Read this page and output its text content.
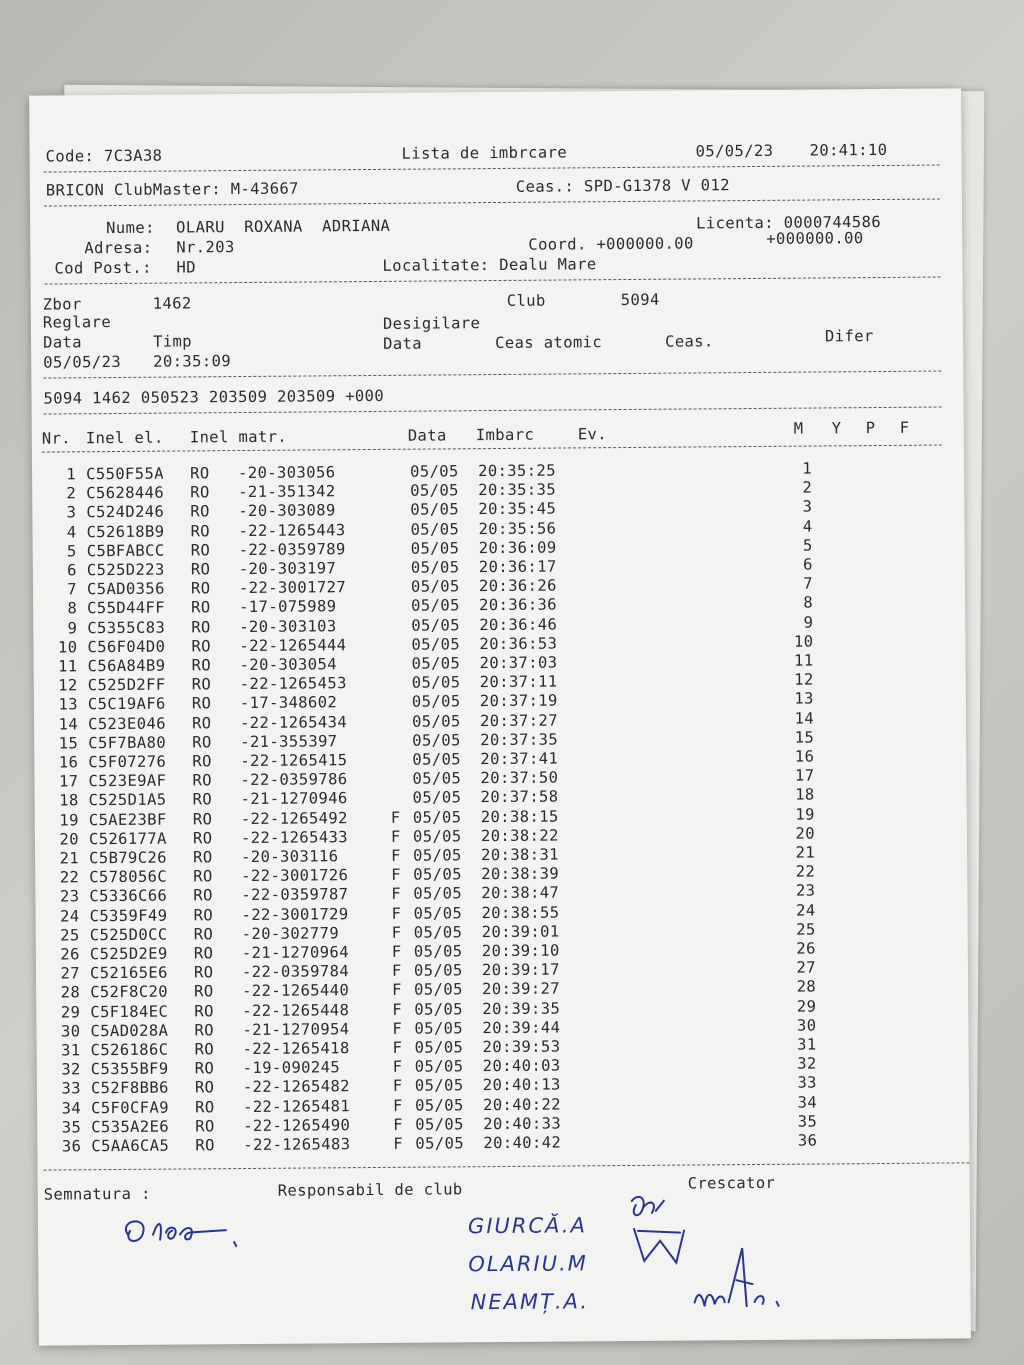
Code: 7C3A38	Lista de imbrcare	05/05/23 20:41:10
BRICON ClubMaster: M-43667	Ceas.: SPD-G1378 V 012
Nume: OLARU  ROXANA  ADRIANA	Licenta: 0000744586
Adresa: Nr.203	Coord. +000000.00	+000000.00
Cod Post.: HD	Localitate: Dealu Mare
Zbor	1462	Club	5094
Reglare	Desigilare
Data	Timp	Data	Ceas atomic	Ceas.	Difer
05/05/23 20:35:09
5094 1462 050523 203509 203509 +000
Nr. Inel el. Inel matr.	Data Imbarc	Ev.	M Y P F
1 C550F55A RO -20-303056	05/05 20:35:25	1
2 C5628446 RO -21-351342	05/05 20:35:35	2
3 C524D246 RO -20-303089	05/05 20:35:45	3
4 C52618B9 RO -22-1265443	05/05 20:35:56	4
5 C5BFABCC RO -22-0359789	05/05 20:36:09	5
6 C525D223 RO -20-303197	05/05 20:36:17	6
7 C5AD0356 RO -22-3001727	05/05 20:36:26	7
8 C55D44FF RO -17-075989	05/05 20:36:36	8
9 C5355C83 RO -20-303103	05/05 20:36:46	9
10 C56F04D0 RO -22-1265444	05/05 20:36:53	10
11 C56A84B9 RO -20-303054	05/05 20:37:03	11
12 C525D2FF RO -22-1265453	05/05 20:37:11	12
13 C5C19AF6 RO -17-348602	05/05 20:37:19	13
14 C523E046 RO -22-1265434	05/05 20:37:27	14
15 C5F7BA80 RO -21-355397	05/05 20:37:35	15
16 C5F07276 RO -22-1265415	05/05 20:37:41	16
17 C523E9AF RO -22-0359786	05/05 20:37:50	17
18 C525D1A5 RO -21-1270946	05/05 20:37:58	18
19 C5AE23BF RO -22-1265492	F 05/05 20:38:15	19
20 C526177A RO -22-1265433	F 05/05 20:38:22	20
21 C5B79C26 RO -20-303116	F 05/05 20:38:31	21
22 C578056C RO -22-3001726	F 05/05 20:38:39	22
23 C5336C66 RO -22-0359787	F 05/05 20:38:47	23
24 C5359F49 RO -22-3001729	F 05/05 20:38:55	24
25 C525D0CC RO -20-302779	F 05/05 20:39:01	25
26 C525D2E9 RO -21-1270964	F 05/05 20:39:10	26
27 C52165E6 RO -22-0359784	F 05/05 20:39:17	27
28 C52F8C20 RO -22-1265440	F 05/05 20:39:27	28
29 C5F184EC RO -22-1265448	F 05/05 20:39:35	29
30 C5AD028A RO -21-1270954	F 05/05 20:39:44	30
31 C526186C RO -22-1265418	F 05/05 20:39:53	31
32 C5355BF9 RO -19-090245	F 05/05 20:40:03	32
33 C52F8BB6 RO -22-1265482	F 05/05 20:40:13	33
34 C5F0CFA9 RO -22-1265481	F 05/05 20:40:22	34
35 C535A2E6 RO -22-1265490	F 05/05 20:40:33	35
36 C5AA6CA5 RO -22-1265483	F 05/05 20:40:42	36
Semnatura :	Responsabil de club	Crescator
GIURCĂ.A
OLARIU.M
NEAMȚ.A.
